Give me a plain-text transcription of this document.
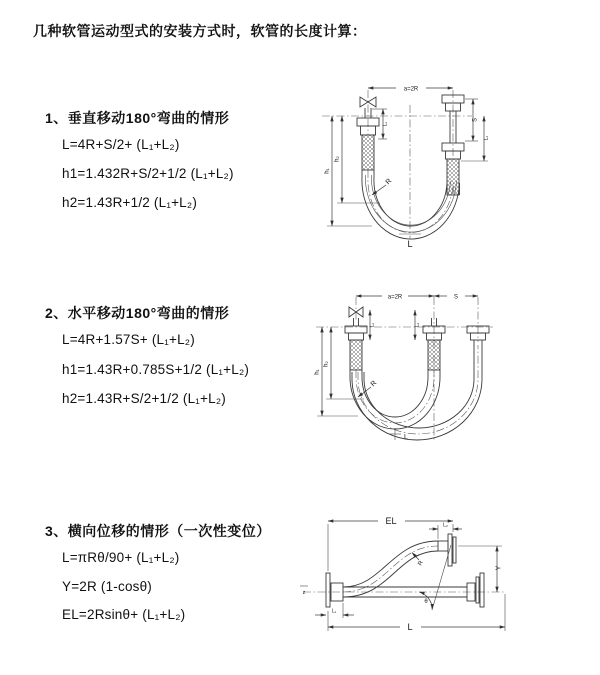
几种软管运动型式的安装方式时，软管的长度计算：
1、垂直移动180°弯曲的情形
L=4R+S/2+ (L₁+L₂)
h1=1.432R+S/2+1/2 (L₁+L₂)
h2=1.43R+1/2 (L₁+L₂)
2、水平移动180°弯曲的情形
L=4R+1.57S+ (L₁+L₂)
h1=1.43R+0.785S+1/2 (L₁+L₂)
h2=1.43R+S/2+1/2 (L₁+L₂)
3、横向位移的情形（一次性变位）
L=πRθ/90+ (L₁+L₂)
Y=2R (1-cosθ)
EL=2Rsinθ+ (L₁+L₂)
a=2R
S
L₂
L₁
h₁
h₂
R
L
a=2R	S
L₁	L₂
h₁
h₂
R
L
EL	L₂
Y
R
θ
L
L₁
z
